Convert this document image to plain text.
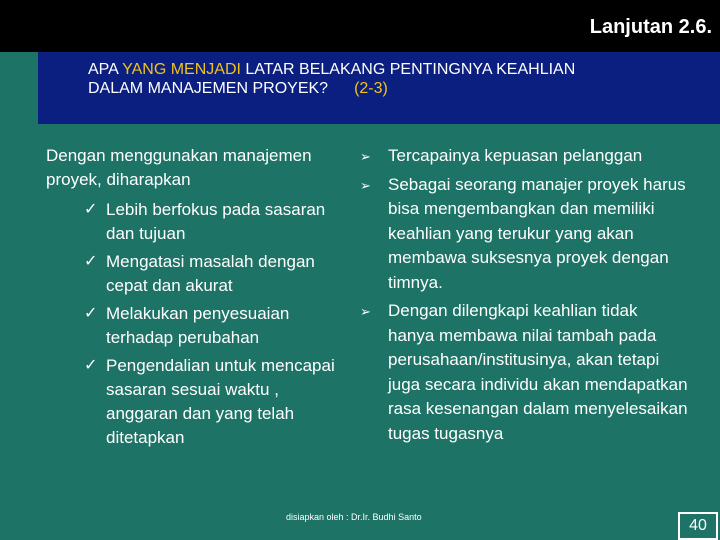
Lanjutan 2.6.
APA YANG MENJADI LATAR BELAKANG PENTINGNYA KEAHLIAN
DALAM MANAJEMEN PROYEK? (2-3)
Dengan menggunakan manajemen proyek, diharapkan
✓ Lebih berfokus pada sasaran dan tujuan
✓ Mengatasi masalah dengan cepat dan akurat
✓ Melakukan penyesuaian terhadap perubahan
✓ Pengendalian untuk mencapai sasaran sesuai waktu , anggaran dan yang telah ditetapkan
➢ Tercapainya kepuasan pelanggan
➢ Sebagai seorang manajer proyek harus bisa mengembangkan dan memiliki keahlian yang terukur yang akan membawa suksesnya proyek dengan timnya.
➢ Dengan dilengkapi keahlian tidak hanya membawa nilai tambah pada perusahaan/institusinya, akan tetapi juga secara individu akan mendapatkan rasa kesenangan dalam menyelesaikan tugas tugasnya
disiapkan oleh : Dr.Ir. Budhi Santo	40
